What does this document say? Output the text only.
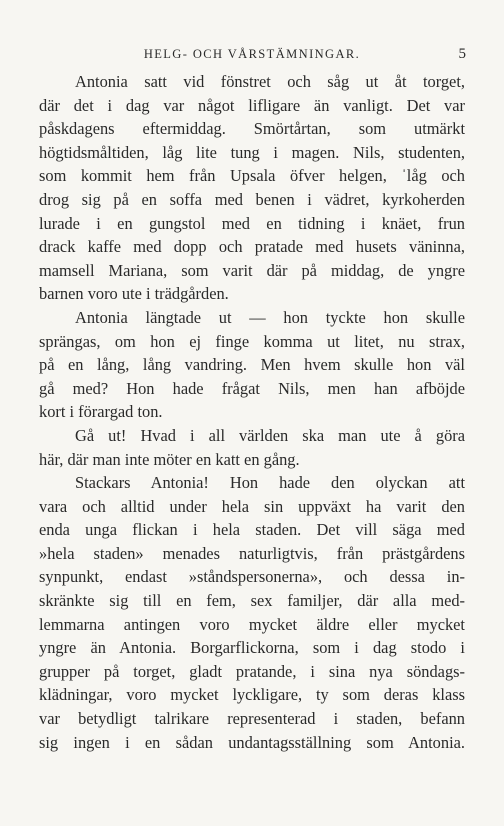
HELG- OCH VÅRSTÄMNINGAR.	5
Antonia satt vid fönstret och såg ut åt torget,
där det i dag var något lifligare än vanligt. Det var
påskdagens eftermiddag. Smörtårtan, som utmärkt
högtidsmåltiden, låg lite tung i magen. Nils, studenten,
som kommit hem från Upsala öfver helgen, ˈlåg och
drog sig på en soffa med benen i vädret, kyrkoherden
lurade i en gungstol med en tidning i knäet, frun
drack kaffe med dopp och pratade med husets väninna,
mamsell Mariana, som varit där på middag, de yngre
barnen voro ute i trädgården.
Antonia längtade ut — hon tyckte hon skulle
sprängas, om hon ej finge komma ut litet, nu strax,
på en lång, lång vandring. Men hvem skulle hon väl
gå med? Hon hade frågat Nils, men han afböjde
kort i förargad ton.
Gå ut! Hvad i all världen ska man ute å göra
här, där man inte möter en katt en gång.
Stackars Antonia! Hon hade den olyckan att
vara och alltid under hela sin uppväxt ha varit den
enda unga flickan i hela staden. Det vill säga med
»hela staden» menades naturligtvis, från prästgårdens
synpunkt, endast »ståndspersonerna», och dessa in-
skränkte sig till en fem, sex familjer, där alla med-
lemmarna antingen voro mycket äldre eller mycket
yngre än Antonia. Borgarflickorna, som i dag stodo i
grupper på torget, gladt pratande, i sina nya söndags-
klädningar, voro mycket lyckligare, ty som deras klass
var betydligt talrikare representerad i staden, befann
sig ingen i en sådan undantagsställning som Antonia.
